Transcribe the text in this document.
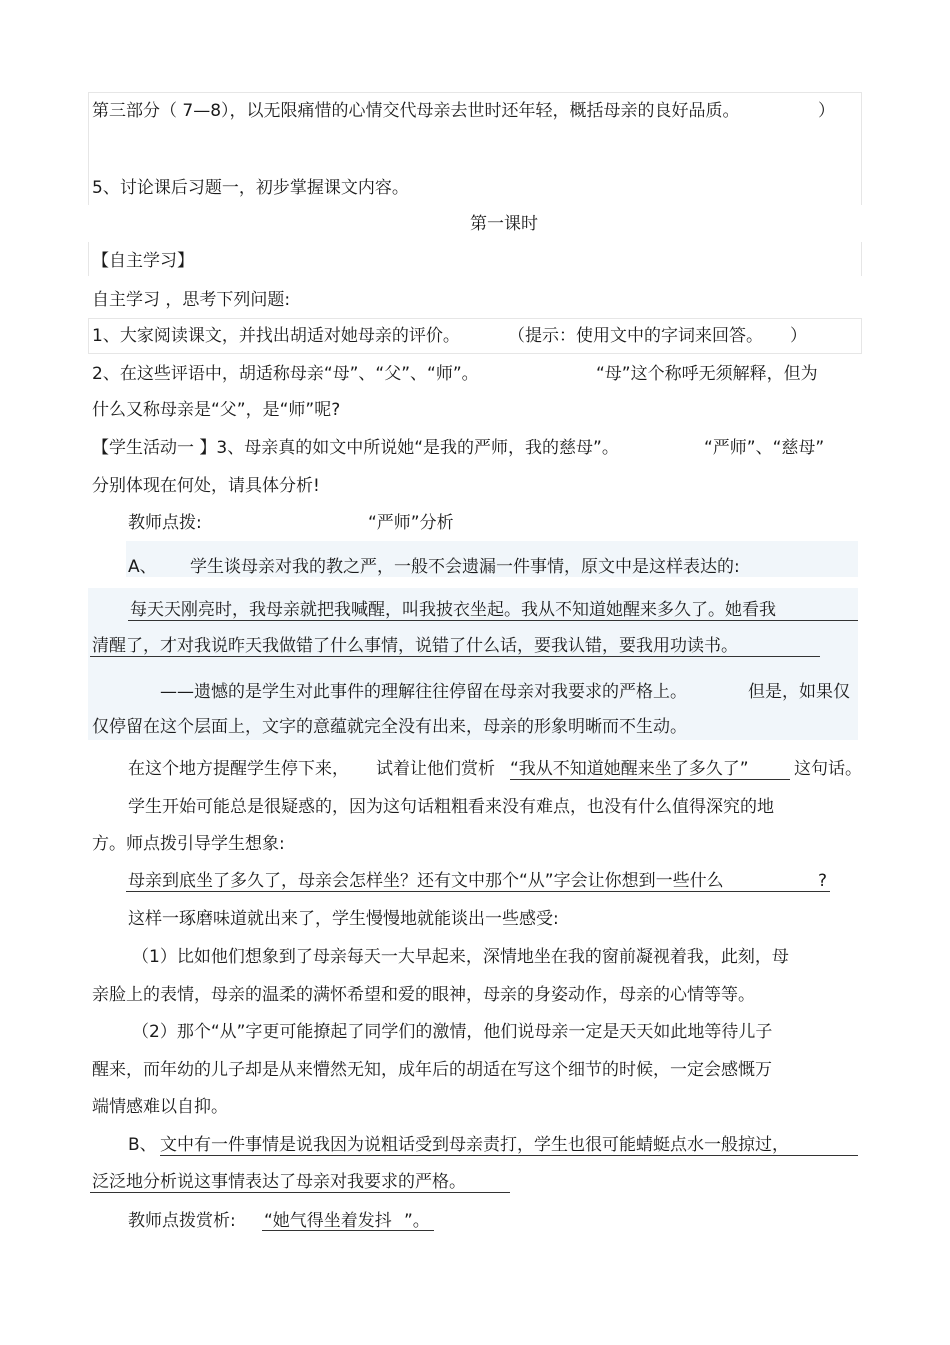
第三部分（ 7—8），以无限痛惜的心情交代母亲去世时还年轻，概括母亲的良好品质。	）
5、讨论课后习题一，初步掌握课文内容。
第一课时
【自主学习】
自主学习 ，思考下列问题:
1、大家阅读课文，并找出胡适对她母亲的评价。	（提示：使用文中的字词来回答。 ）
2、在这些评语中，胡适称母亲“母”、“父”、“师”。	“母”这个称呼无须解释，但为
什么又称母亲是“父”，是“师”呢?
【学生活动一 】3、母亲真的如文中所说她“是我的严师，我的慈母”。	“严师”、“慈母”
分别体现在何处，请具体分析!
教师点拨:	“严师”分析
A、 学生谈母亲对我的教之严，一般不会遗漏一件事情，原文中是这样表达的:
每天天刚亮时，我母亲就把我喊醒，叫我披衣坐起。我从不知道她醒来多久了。她看我
清醒了，才对我说昨天我做错了什么事情，说错了什么话，要我认错，要我用功读书。
——遗憾的是学生对此事件的理解往往停留在母亲对我要求的严格上。	但是，如果仅
仅停留在这个层面上，文字的意蕴就完全没有出来，母亲的形象明晰而不生动。
在这个地方提醒学生停下来， 试着让他们赏析 “我从不知道她醒来坐了多久了”	这句话。
学生开始可能总是很疑惑的，因为这句话粗粗看来没有难点，也没有什么值得深究的地
方。师点拨引导学生想象:
母亲到底坐了多久了，母亲会怎样坐？还有文中那个“从”字会让你想到一些什么	?
这样一琢磨味道就出来了，学生慢慢地就能谈出一些感受:
（1）比如他们想象到了母亲每天一大早起来，深情地坐在我的窗前凝视着我，此刻，母
亲脸上的表情，母亲的温柔的满怀希望和爱的眼神，母亲的身姿动作，母亲的心情等等。
（2）那个“从”字更可能撩起了同学们的激情，他们说母亲一定是天天如此地等待儿子
醒来，而年幼的儿子却是从来懵然无知，成年后的胡适在写这个细节的时候，一定会感慨万
端情感难以自抑。
B、 文中有一件事情是说我因为说粗话受到母亲责打，学生也很可能蜻蜓点水一般掠过，
泛泛地分析说这事情表达了母亲对我要求的严格。
教师点拨赏析: “她气得坐着发抖 ”。
